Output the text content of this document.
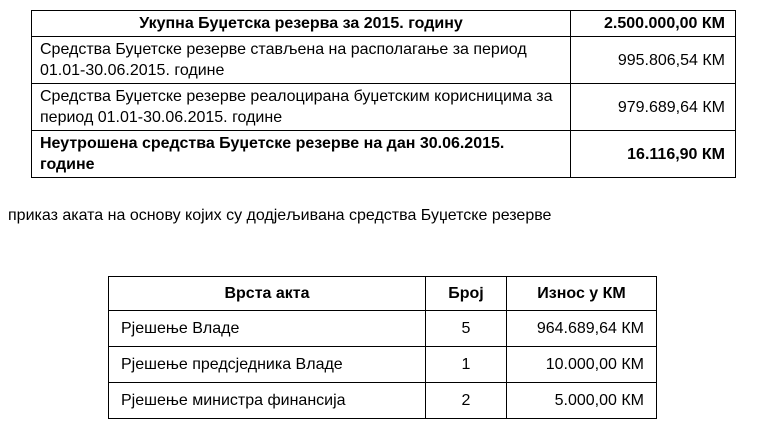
Укупна Буџетска резерва за 2015. годину	2.500.000,00 КМ
Средства Буџетске резерве стављена на располагање за период 01.01-30.06.2015. године	995.806,54 КМ
Средства Буџетске резерве реалоцирана буџетским корисницима за период 01.01-30.06.2015. године	979.689,64 КМ
Неутрошена средства Буџетске резерве на дан 30.06.2015. године	16.116,90 КМ
приказ аката на основу којих су додјељивана средства Буџетске резерве
Врста акта	Број	Износ у КМ
Рјешење Владе	5	964.689,64 КМ
Рјешење предсједника Владе	1	10.000,00 КМ
Рјешење министра финансија	2	5.000,00 КМ
